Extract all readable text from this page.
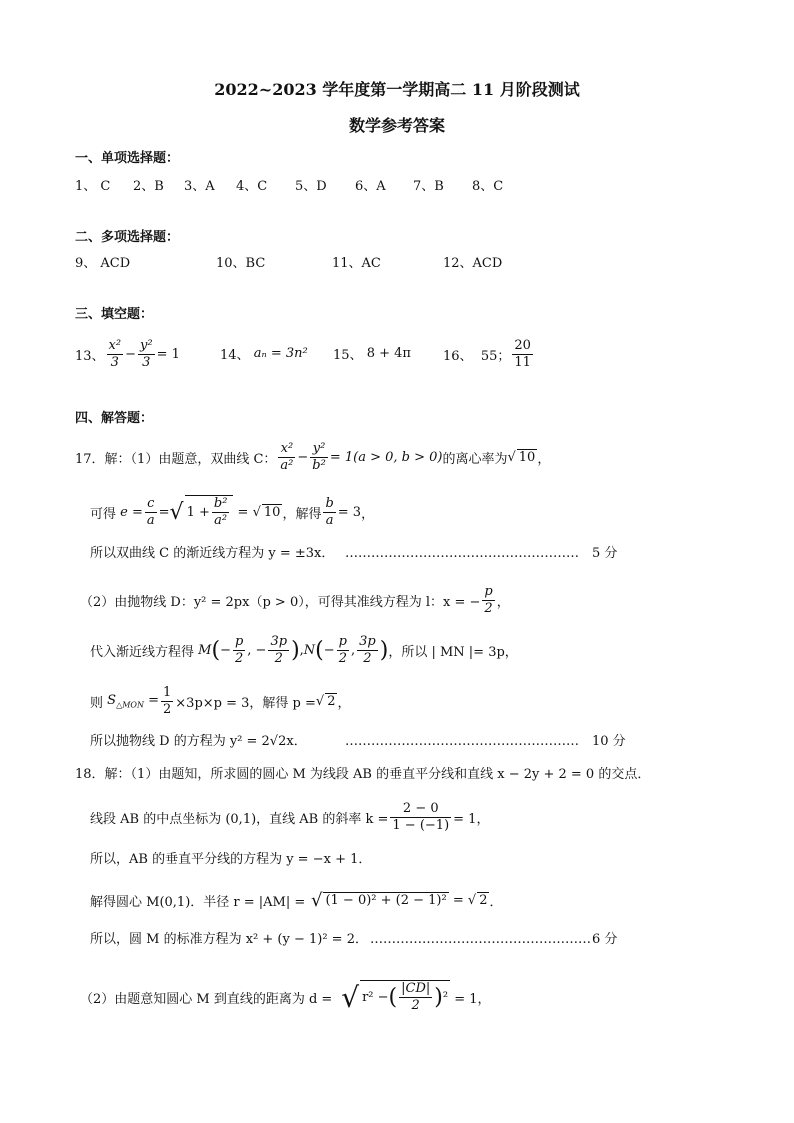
2022~2023 学年度第一学期高二 11 月阶段测试
数学参考答案
一、单项选择题：
1、 C 2、B 3、A 4、C 5、D 6、A 7、B 8、C
二、多项选择题：
9、 ACD	10、BC	11、AC	12、ACD
三、填空题：
13、 $\frac{\text{x²}}{3} - \frac{\text{y²}}{3} = 1$	14、
aₙ = 3n² 15、
8 + 4π 16、
55； $\frac{20}{11}$
四、解答题：
17．解：（1）由题意，双曲线 C： $\frac{\text{x²}}{\text{a²}} - \frac{\text{y²}}{\text{b²}} = 1(a > 0$, b > 0) 的离心率为 √ 10 ，
可得 $e = \frac{c}{a}$ = √ $1 + \frac{\text{b²}}{\text{a²}}$ = √ 10 ，解得 $\frac{b}{a} = 3$ ，
所以双曲线 C 的渐近线方程为 y = ±3x． ……………………………………………… 5 分
（2）由抛物线 D：y² = 2px（p > 0），可得其准线方程为 l：x = − $\frac{p}{2}$ ，
代入渐近线方程得 M ( − $\frac{p}{2}$ , − $\frac{3p}{2}$ ) , N ( − $\frac{p}{2}$ , $\frac{3p}{2}$ ) ，所以 | MN |= 3p，
则 $S_{\triangle MON} = \frac{1}{2} \times 3p\times p = 3$，解得 p = √ 2 ，
所以抛物线 D 的方程为 y² = 2√2x．	……………………………………………… 10 分
18．解：（1）由题知，所求圆的圆心 M 为线段 AB 的垂直平分线和直线 x − 2y + 2 = 0 的交点．
线段 AB 的中点坐标为 (0,1)，直线 AB 的斜率 $k = \frac{2 - 0}{1 - (-1)} = 1$，
所以，AB 的垂直平分线的方程为 y = −x + 1．
解得圆心 M(0,1)．半径 r = |AM| = √ (1 − 0)² + (2 − 1)²
=
√ 2 ．
所以，圆 M 的标准方程为 x² + (y − 1)² = 2． …………………………………………… 6 分
（2）由题意知圆心 M 到直线的距离为 d = √ r² − ( $\frac{|CD|}{2}$ ) ²
= 1，
